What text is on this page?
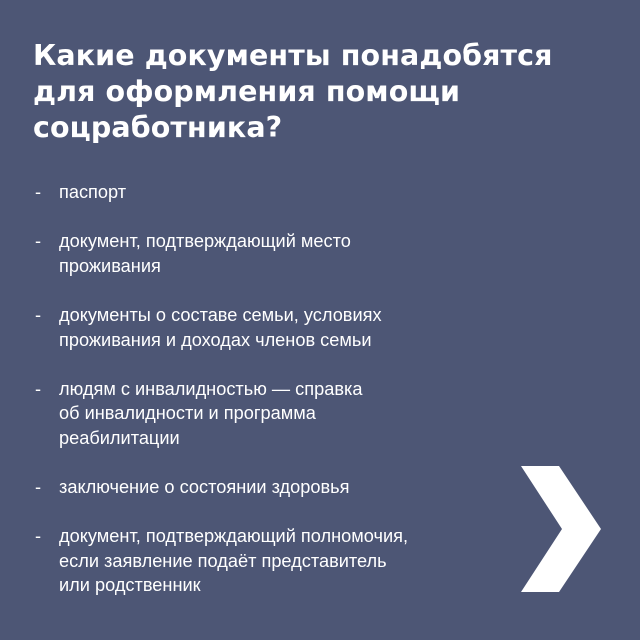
Какие документы понадобятся
для оформления помощи
соцработника?
- паспорт
- документ, подтверждающий место
проживания
- документы о составе семьи, условиях
проживания и доходах членов семьи
- людям с инвалидностью — справка
об инвалидности и программа
реабилитации
- заключение о состоянии здоровья
- документ, подтверждающий полномочия,
если заявление подаёт представитель
или родственник
